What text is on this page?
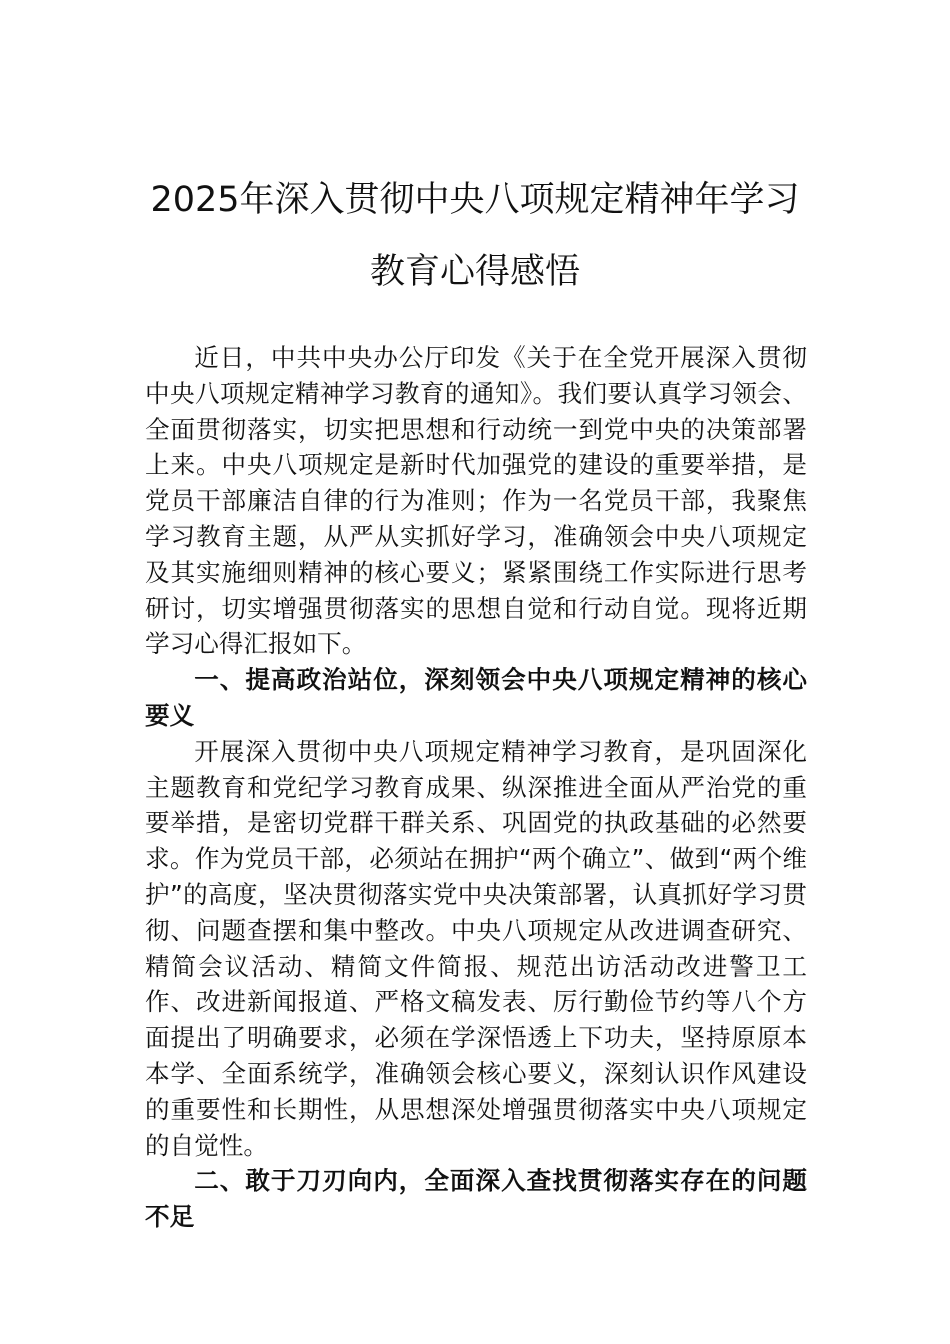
2025年深入贯彻中央八项规定精神年学习
教育心得感悟

近日，中共中央办公厅印发《关于在全党开展深入贯彻中央八项规定精神学习教育的通知》。我们要认真学习领会、全面贯彻落实，切实把思想和行动统一到党中央的决策部署上来。中央八项规定是新时代加强党的建设的重要举措，是党员干部廉洁自律的行为准则；作为一名党员干部，我聚焦学习教育主题，从严从实抓好学习，准确领会中央八项规定及其实施细则精神的核心要义；紧紧围绕工作实际进行思考研讨，切实增强贯彻落实的思想自觉和行动自觉。现将近期学习心得汇报如下。

一、提高政治站位，深刻领会中央八项规定精神的核心要义

开展深入贯彻中央八项规定精神学习教育，是巩固深化主题教育和党纪学习教育成果、纵深推进全面从严治党的重要举措，是密切党群干群关系、巩固党的执政基础的必然要求。作为党员干部，必须站在拥护“两个确立”、做到“两个维护”的高度，坚决贯彻落实党中央决策部署，认真抓好学习贯彻、问题查摆和集中整改。中央八项规定从改进调查研究、精简会议活动、精简文件简报、规范出访活动改进警卫工作、改进新闻报道、严格文稿发表、厉行勤俭节约等八个方面提出了明确要求，必须在学深悟透上下功夫，坚持原原本本学、全面系统学，准确领会核心要义，深刻认识作风建设的重要性和长期性，从思想深处增强贯彻落实中央八项规定的自觉性。

二、敢于刀刃向内，全面深入查找贯彻落实存在的问题不足
